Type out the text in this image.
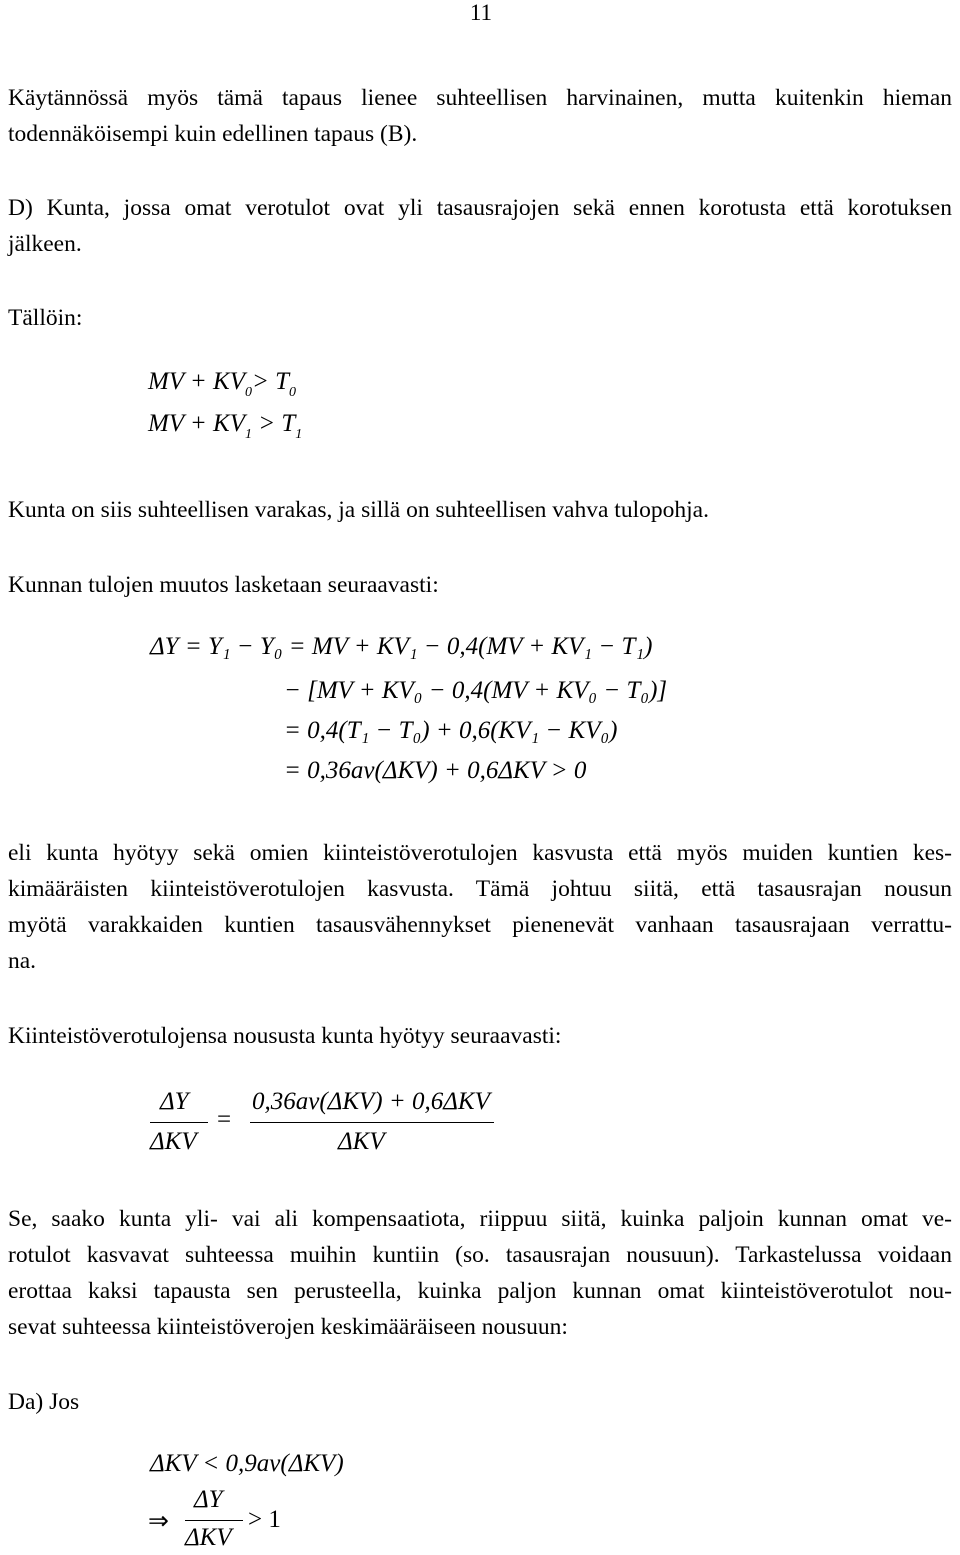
11
Käytännössä myös tämä tapaus lienee suhteellisen harvinainen, mutta kuitenkin hieman
todennäköisempi kuin edellinen tapaus (B).
D) Kunta, jossa omat verotulot ovat yli tasausrajojen sekä ennen korotusta että korotuksen
jälkeen.
Tällöin:
MV + $KV_0> T_0$
MV + $KV_1 > T_1$
Kunta on siis suhteellisen varakas, ja sillä on suhteellisen vahva tulopohja.
Kunnan tulojen muutos lasketaan seuraavasti:
ΔY = Y₁ − Y₀ = MV + KV₁ − 0,4(MV + KV₁ − T₁)
− [MV + KV₀ − 0,4(MV + KV₀ − T₀)]
= 0,4(T₁ − T₀) + 0,6(KV₁ − KV₀)
= 0,36av(ΔKV) + 0,6ΔKV > 0
eli kunta hyötyy sekä omien kiinteistöverotulojen kasvusta että myös muiden kuntien kes-
kimääräisten kiinteistöverotulojen kasvusta. Tämä johtuu siitä, että tasausrajan nousun
myötä varakkaiden kuntien tasausvähennykset pienenevät vanhaan tasausrajaan verrattu-
na.
Kiinteistöverotulojensa noususta kunta hyötyy seuraavasti:
ΔY
ΔKV
=
0,36av(ΔKV) + 0,6ΔKV
ΔKV
Se, saako kunta yli- vai ali kompensaatiota, riippuu siitä, kuinka paljoin kunnan omat ve-
rotulot kasvavat suhteessa muihin kuntiin (so. tasausrajan nousuun). Tarkastelussa voidaan
erottaa kaksi tapausta sen perusteella, kuinka paljon kunnan omat kiinteistöverotulot nou-
sevat suhteessa kiinteistöverojen keskimääräiseen nousuun:
Da) Jos
ΔKV < 0,9av(ΔKV)
⇒
ΔY
ΔKV
> 1
